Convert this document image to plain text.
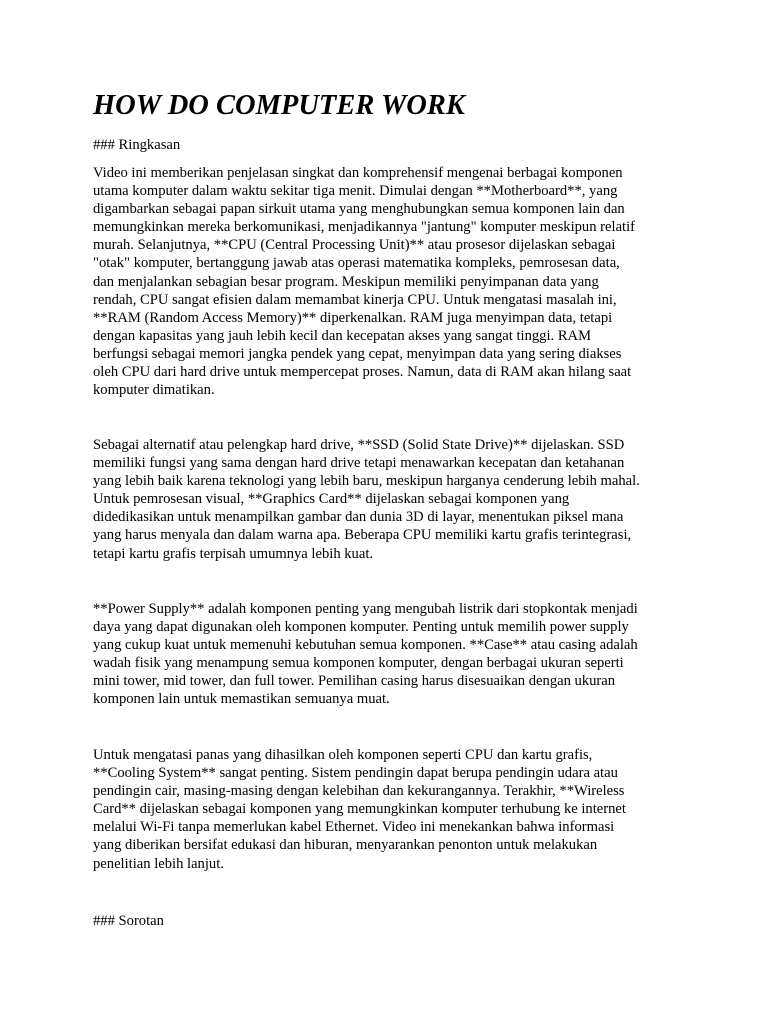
HOW DO COMPUTER WORK

### Ringkasan

Video ini memberikan penjelasan singkat dan komprehensif mengenai berbagai komponen
utama komputer dalam waktu sekitar tiga menit. Dimulai dengan **Motherboard**, yang
digambarkan sebagai papan sirkuit utama yang menghubungkan semua komponen lain dan
memungkinkan mereka berkomunikasi, menjadikannya "jantung" komputer meskipun relatif
murah. Selanjutnya, **CPU (Central Processing Unit)** atau prosesor dijelaskan sebagai
"otak" komputer, bertanggung jawab atas operasi matematika kompleks, pemrosesan data,
dan menjalankan sebagian besar program. Meskipun memiliki penyimpanan data yang
rendah, CPU sangat efisien dalam memambat kinerja CPU. Untuk mengatasi masalah ini,
**RAM (Random Access Memory)** diperkenalkan. RAM juga menyimpan data, tetapi
dengan kapasitas yang jauh lebih kecil dan kecepatan akses yang sangat tinggi. RAM
berfungsi sebagai memori jangka pendek yang cepat, menyimpan data yang sering diakses
oleh CPU dari hard drive untuk mempercepat proses. Namun, data di RAM akan hilang saat
komputer dimatikan.
Sebagai alternatif atau pelengkap hard drive, **SSD (Solid State Drive)** dijelaskan. SSD
memiliki fungsi yang sama dengan hard drive tetapi menawarkan kecepatan dan ketahanan
yang lebih baik karena teknologi yang lebih baru, meskipun harganya cenderung lebih mahal.
Untuk pemrosesan visual, **Graphics Card** dijelaskan sebagai komponen yang
didedikasikan untuk menampilkan gambar dan dunia 3D di layar, menentukan piksel mana
yang harus menyala dan dalam warna apa. Beberapa CPU memiliki kartu grafis terintegrasi,
tetapi kartu grafis terpisah umumnya lebih kuat.
**Power Supply** adalah komponen penting yang mengubah listrik dari stopkontak menjadi
daya yang dapat digunakan oleh komponen komputer. Penting untuk memilih power supply
yang cukup kuat untuk memenuhi kebutuhan semua komponen. **Case** atau casing adalah
wadah fisik yang menampung semua komponen komputer, dengan berbagai ukuran seperti
mini tower, mid tower, dan full tower. Pemilihan casing harus disesuaikan dengan ukuran
komponen lain untuk memastikan semuanya muat.
Untuk mengatasi panas yang dihasilkan oleh komponen seperti CPU dan kartu grafis,
**Cooling System** sangat penting. Sistem pendingin dapat berupa pendingin udara atau
pendingin cair, masing-masing dengan kelebihan dan kekurangannya. Terakhir, **Wireless
Card** dijelaskan sebagai komponen yang memungkinkan komputer terhubung ke internet
melalui Wi-Fi tanpa memerlukan kabel Ethernet. Video ini menekankan bahwa informasi
yang diberikan bersifat edukasi dan hiburan, menyarankan penonton untuk melakukan
penelitian lebih lanjut.

### Sorotan
